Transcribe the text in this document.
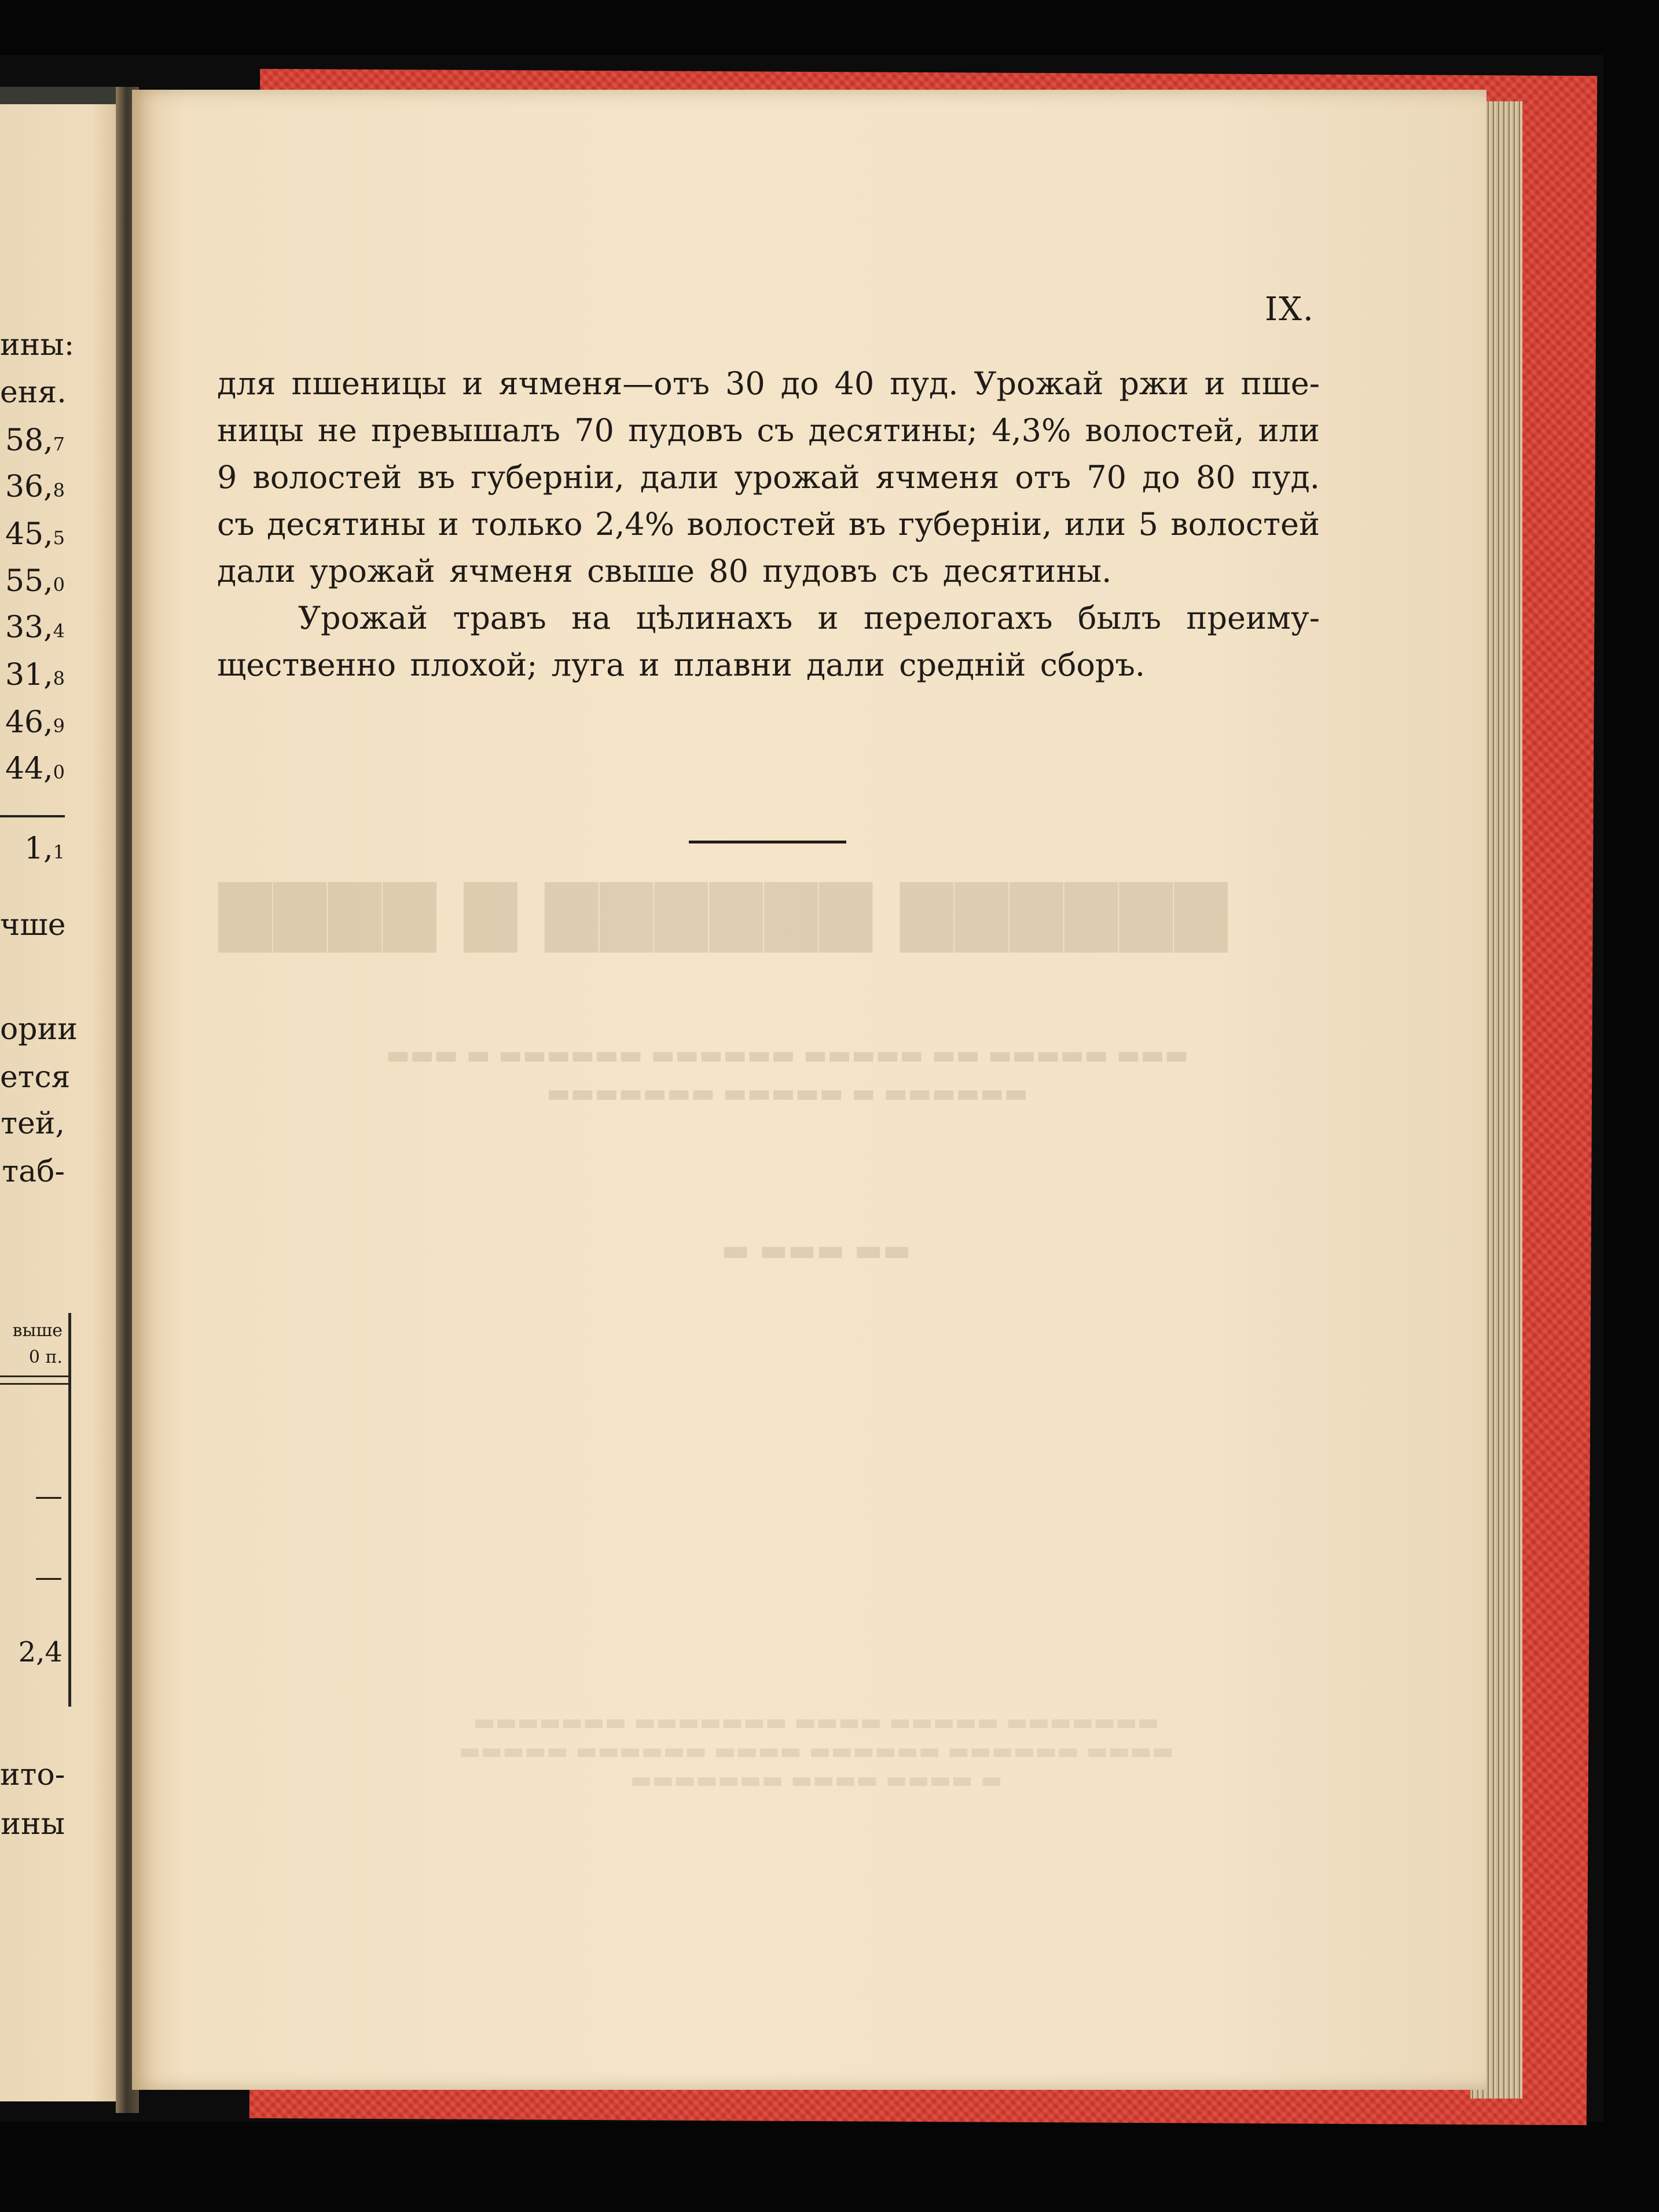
ины:
еня.
58,7
36,8
45,5
55,0
33,4
31,8
46,9
44,0
1,1
чше
ории
ется
тей,
таб-
ито-
ины
—
—
2,4
выше
0 п.
▇▇▇▇▇▇ ▇▇▇▇▇▇ ▇ ▇▇▇▇
▬▬▬ ▬▬▬▬▬ ▬▬ ▬▬▬▬▬ ▬▬▬▬▬▬ ▬▬▬▬▬▬ ▬ ▬▬▬
▬▬▬▬▬▬ ▬ ▬▬▬▬▬ ▬▬▬▬▬▬▬
▬▬ ▬▬▬ ▬
▬▬▬▬▬▬▬ ▬▬▬▬▬ ▬▬▬▬ ▬▬▬▬▬▬▬ ▬▬▬▬▬▬▬
▬▬▬▬ ▬▬▬▬▬▬ ▬▬▬▬▬▬ ▬▬▬▬ ▬▬▬▬▬▬ ▬▬▬▬▬
▬ ▬▬▬▬ ▬▬▬▬ ▬▬▬▬▬▬▬
IX.
для пшеницы и ячменя—отъ 30 до 40 пуд. Урожай ржи и пше-
ницы не превышалъ 70 пудовъ съ десятины; 4,3% волостей, или
9 волостей въ губерніи, дали урожай ячменя отъ 70 до 80 пуд.
съ десятины и только 2,4% волостей въ губерніи, или 5 волостей
дали урожай ячменя свыше 80 пудовъ съ десятины.
Урожай травъ на цѣлинахъ и перелогахъ былъ преиму-
щественно плохой; луга и плавни дали средній сборъ.
